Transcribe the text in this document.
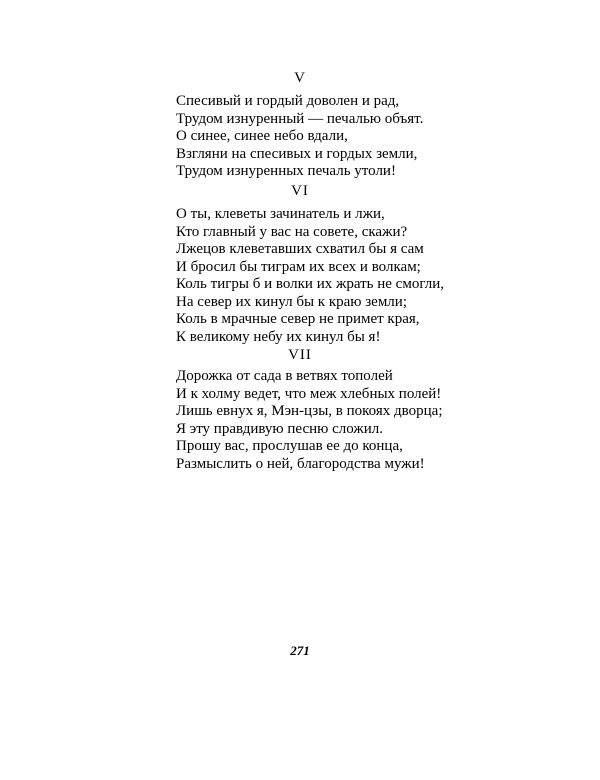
V
Спесивый и гордый доволен и рад,
Трудом изнуренный — печалью объят.
О синее, синее небо вдали,
Взгляни на спесивых и гордых земли,
Трудом изнуренных печаль утоли!
VI
О ты, клеветы зачинатель и лжи,
Кто главный у вас на совете, скажи?
Лжецов клеветавших схватил бы я сам
И бросил бы тиграм их всех и волкам;
Коль тигры б и волки их жрать не смогли,
На север их кинул бы к краю земли;
Коль в мрачные север не примет края,
К великому небу их кинул бы я!
VII
Дорожка от сада в ветвях тополей
И к холму ведет, что меж хлебных полей!
Лишь евнух я, Мэн-цзы, в покоях дворца;
Я эту правдивую песню сложил.
Прошу вас, прослушав ее до конца,
Размыслить о ней, благородства мужи!
271
